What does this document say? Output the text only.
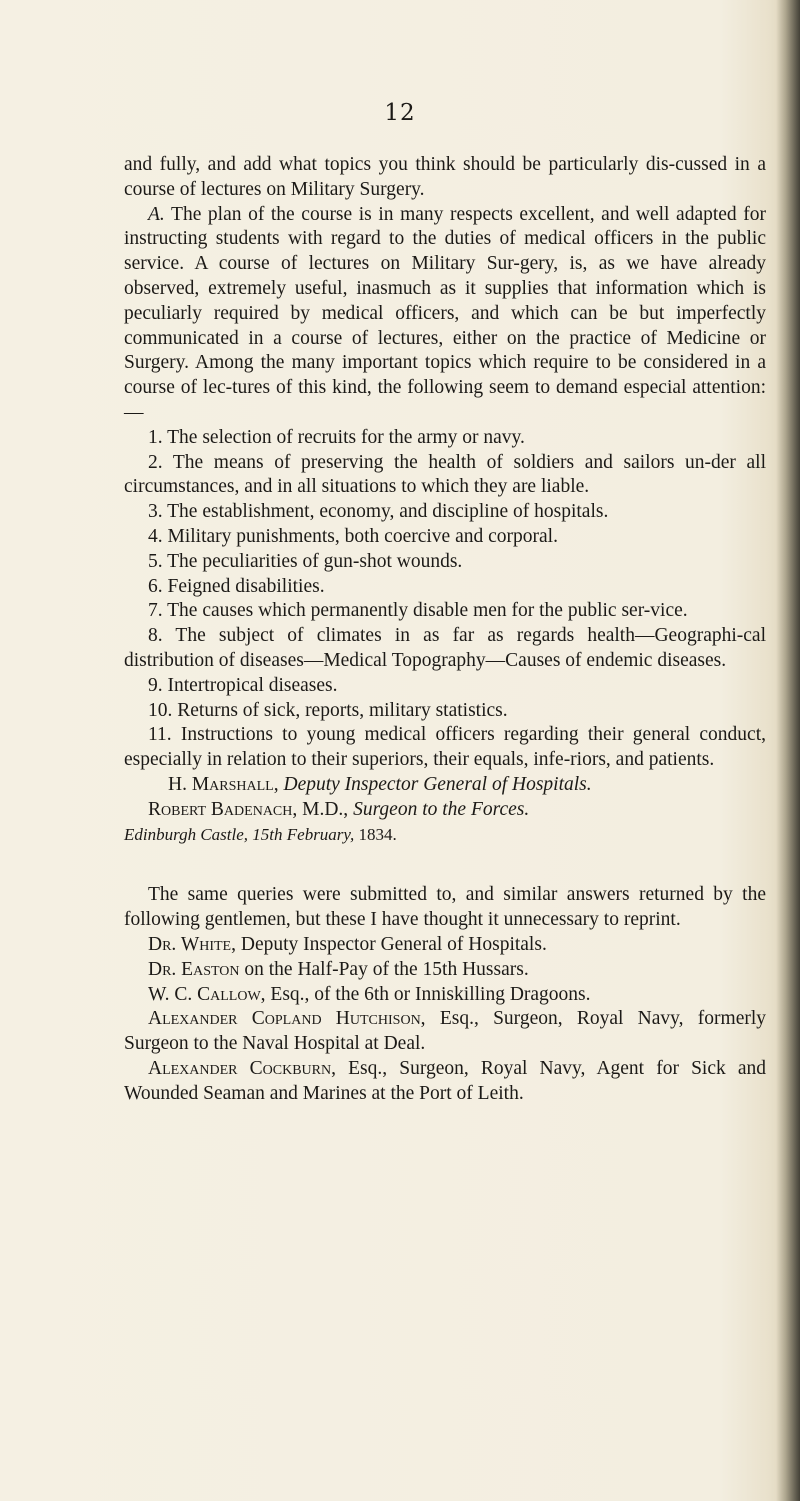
12

and fully, and add what topics you think should be particularly dis-cussed in a course of lectures on Military Surgery.

A. The plan of the course is in many respects excellent, and well adapted for instructing students with regard to the duties of medical officers in the public service. A course of lectures on Military Sur-gery, is, as we have already observed, extremely useful, inasmuch as it supplies that information which is peculiarly required by medical officers, and which can be but imperfectly communicated in a course of lectures, either on the practice of Medicine or Surgery. Among the many important topics which require to be considered in a course of lec-tures of this kind, the following seem to demand especial attention:—

1. The selection of recruits for the army or navy.

2. The means of preserving the health of soldiers and sailors un-der all circumstances, and in all situations to which they are liable.

3. The establishment, economy, and discipline of hospitals.

4. Military punishments, both coercive and corporal.

5. The peculiarities of gun-shot wounds.

6. Feigned disabilities.

7. The causes which permanently disable men for the public ser-vice.

8. The subject of climates in as far as regards health—Geographi-cal distribution of diseases—Medical Topography—Causes of endemic diseases.

9. Intertropical diseases.

10. Returns of sick, reports, military statistics.

11. Instructions to young medical officers regarding their general conduct, especially in relation to their superiors, their equals, infe-riors, and patients.

H. Marshall, Deputy Inspector General of Hospitals.

Robert Badenach, M.D., Surgeon to the Forces.

Edinburgh Castle, 15th February, 1834.

The same queries were submitted to, and similar answers returned by the following gentlemen, but these I have thought it unnecessary to reprint.

Dr. White, Deputy Inspector General of Hospitals.

Dr. Easton on the Half-Pay of the 15th Hussars.

W. C. Callow, Esq., of the 6th or Inniskilling Dragoons.

Alexander Copland Hutchison, Esq., Surgeon, Royal Navy, formerly Surgeon to the Naval Hospital at Deal.

Alexander Cockburn, Esq., Surgeon, Royal Navy, Agent for Sick and Wounded Seaman and Marines at the Port of Leith.
